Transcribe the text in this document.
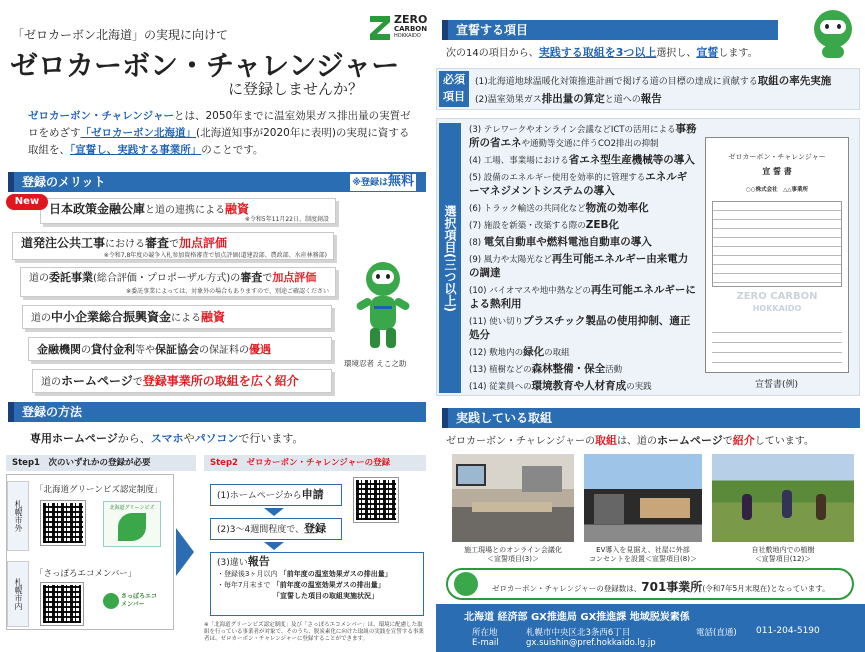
ZERO
CARBON
HOKKAIDO
「ゼロカーボン北海道」の実現に向けて
ゼロカーボン・チャレンジャー
に登録しませんか？
ゼロカーボン・チャレンジャーとは、2050年までに温室効果ガス排出量の実質ゼ
ロをめざす「ゼロカーボン北海道」(北海道知事が2020年に表明)の実現に資する
取組を、「宣誓し、実践する事業所」のことです。
登録のメリット	※登録は無料
New
日本政策金融公庫と道の連携による融資
※令和5年11月22日、制度創設
道発注公共工事における審査で加点評価
※令和7,8年度の競争入札参加資格審査で加点評価(道建設部、農政部、水産林務部)
道の委託事業(総合評価・プロポーザル方式)の審査で加点評価
※委託事業によっては、対象外の場合もありますので、別途ご確認ください
道の中小企業総合振興資金による融資
金融機関の貸付金利等や保証協会の保証料の優遇
道のホームページで登録事業所の取組を広く紹介
環境忍者 えこ之助
登録の方法
専用ホームページから、スマホやパソコンで行います。
Step1　次のいずれかの登録が必要	Step2　ゼロカーボン・チャレンジャーの登録
札幌市外
札幌市内
「北海道グリーンビズ認定制度」
北海道グリーンビズ
「さっぽろエコメンバー」
さっぽろエコメンバー
(1)ホームページから申請
(2)3～4週間程度で、登録
(3)違い報告
・登録後3ヶ月以内 「前年度の温室効果ガスの排出量」
・毎年7月末まで 「前年度の温室効果ガスの排出量」
「宣誓した項目の取組実施状況」
※「北海道グリーンビズ認定制度」及び「さっぽろエコメンバー」は、環境に配慮した取組を行っている事業者が対象で、そのうち、脱炭素化に向けた取組の実践を宣誓する事業者は、ゼロカーボン・チャレンジャーに登録することができます。
宣誓する項目
次の14の項目から、実践する取組を3つ以上選択し、宣誓します。
必須項目
(1)北海道地球温暖化対策推進計画で掲げる道の目標の達成に貢献する取組の率先実施
(2)温室効果ガス排出量の算定と道への報告
選択項目(三つ以上)
(3) テレワークやオンライン会議などICTの活用による事務所の省エネや通勤等交通に伴うCO2排出の抑制
(4) 工場、事業場における省エネ型生産機械等の導入
(5) 設備のエネルギー使用を効率的に管理するエネルギーマネジメントシステムの導入
(6) トラック輸送の共同化など物流の効率化
(7) 施設を新築・改築する際のZEB化
(8) 電気自動車や燃料電池自動車の導入
(9) 風力や太陽光など再生可能エネルギー由来電力の調達
(10) バイオマスや地中熱などの再生可能エネルギーによる熱利用
(11) 使い切りプラスチック製品の使用抑制、適正処分
(12) 敷地内の緑化の取組
(13) 植樹などの森林整備・保全活動
(14) 従業員への環境教育や人材育成の実践
ゼロカーボン・チャレンジャー
宣 誓 書
○○株式会社　△△事業所
ZERO CARBON
HOKKAIDO
宣誓書(例)
実践している取組
ゼロカーボン・チャレンジャーの取組は、道のホームページで紹介しています。
施工現場とのオンライン会議化
＜宣誓項目(3)＞
EV導入を見据え、社屋に外部
コンセントを設置＜宣誓項目(8)＞
自社敷地内での植樹
＜宣誓項目(12)＞
ゼロカーボン・チャレンジャーの登録数は、701事業所(令和7年5月末現在)となっています。
北海道 経済部 GX推進局 GX推進課 地域脱炭素係
所在地	札幌市中央区北3条西6丁目	電話(直通) 011-204-5190
E-mail	gx.suishin@pref.hokkaido.lg.jp
